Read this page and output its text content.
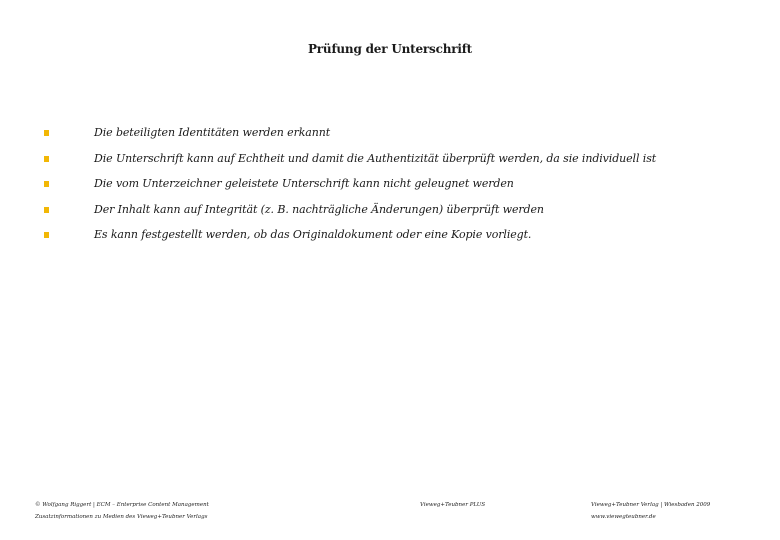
Prüfung der Unterschrift
Die beteiligten Identitäten werden erkannt
Die Unterschrift kann auf Echtheit und damit die Authentizität überprüft werden, da sie individuell ist
Die vom Unterzeichner geleistete Unterschrift kann nicht geleugnet werden
Der Inhalt kann auf Integrität (z. B. nachträgliche Änderungen) überprüft werden
Es kann festgestellt werden, ob das Originaldokument oder eine Kopie vorliegt.
© Wolfgang Riggert | ECM – Enterprise Content Management
Zusatzinformationen zu Medien des Vieweg+Teubner Verlags
Vieweg+Teubner PLUS	Vieweg+Teubner Verlag | Wiesbaden 2009
www.viewegteubner.de
